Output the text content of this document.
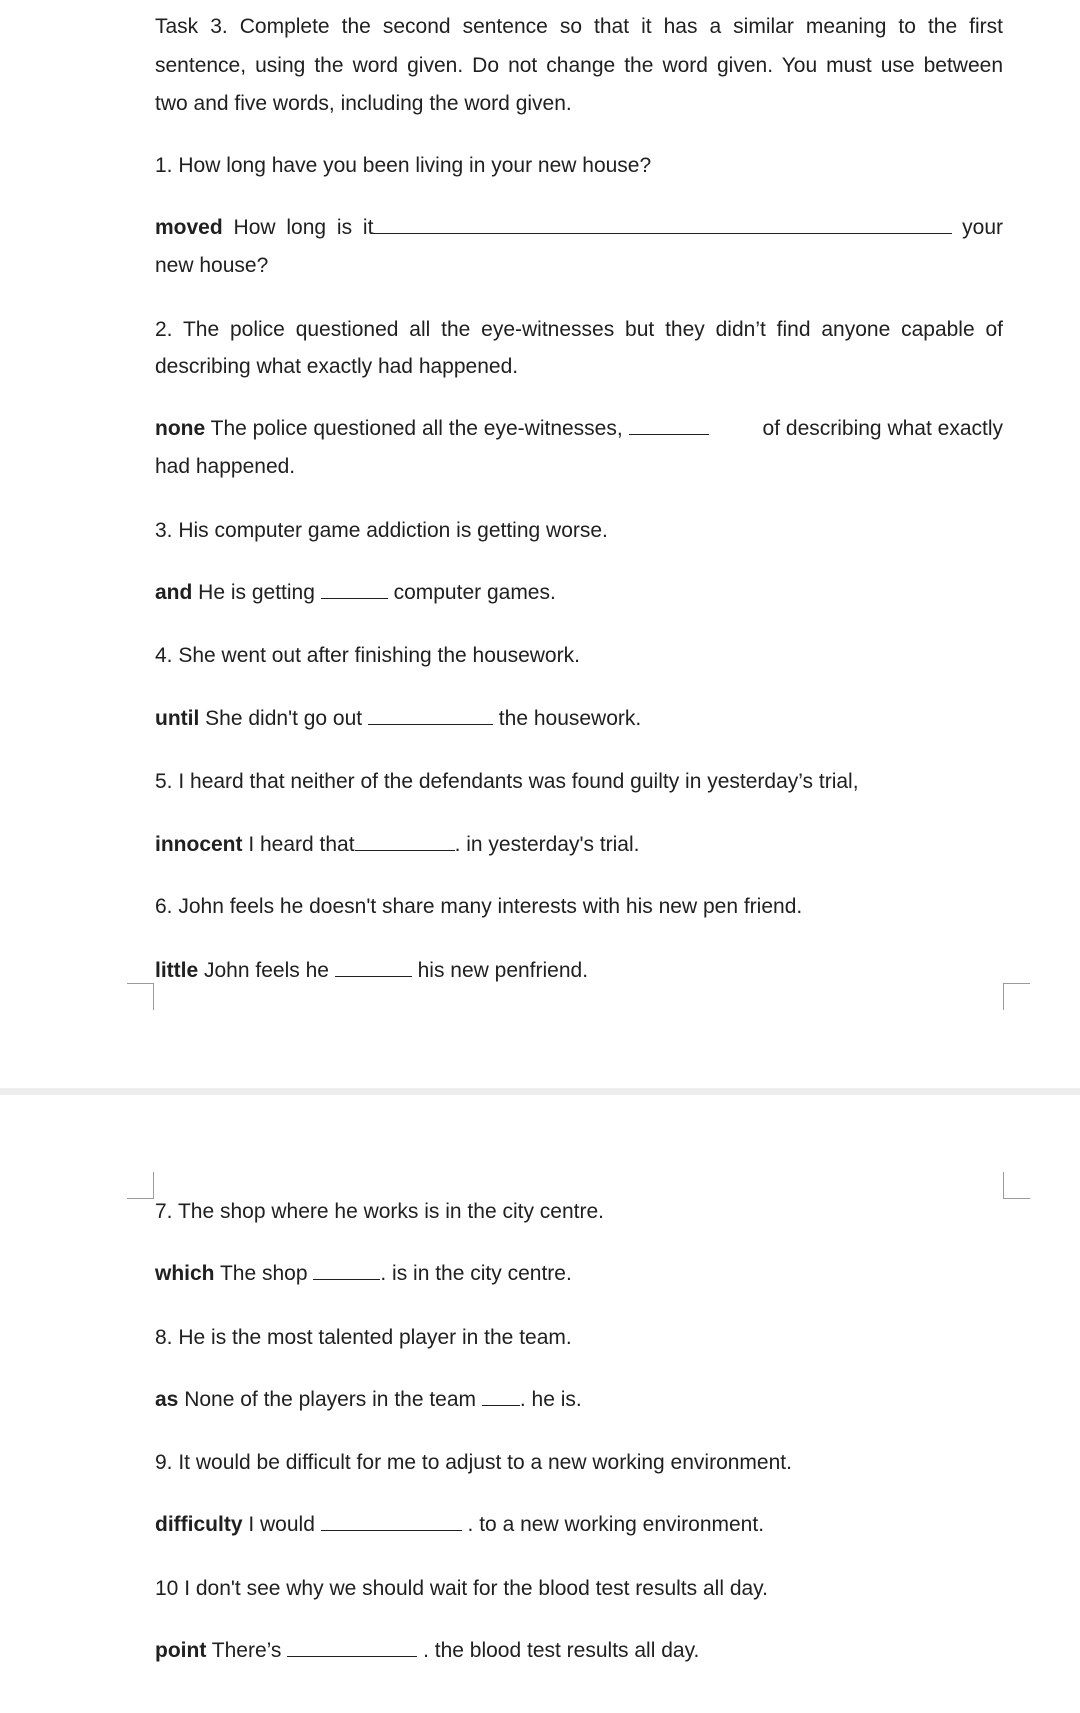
Task 3. Complete the second sentence so that it has a similar meaning to the first
sentence, using the word given. Do not change the word given. You must use between
two and five words, including the word given.
1. How long have you been living in your new house?
moved How long is it	your
new house?
2. The police questioned all the eye-witnesses but they didn’t find anyone capable of
describing what exactly had happened.
none The police questioned all the eye-witnesses,	of describing what exactly
had happened.
3. His computer game addiction is getting worse.
and He is getting	computer games.
4. She went out after finishing the housework.
until She didn't go out	the housework.
5. I heard that neither of the defendants was found guilty in yesterday’s trial,
innocent I heard that	. in yesterday's trial.
6. John feels he doesn't share many interests with his new pen friend.
little John feels he	his new penfriend.
7. The shop where he works is in the city centre.
which The shop	. is in the city centre.
8. He is the most talented player in the team.
as None of the players in the team . he is.
9. It would be difficult for me to adjust to a new working environment.
difficulty I would	. to a new working environment.
10 I don't see why we should wait for the blood test results all day.
point There’s	. the blood test results all day.
